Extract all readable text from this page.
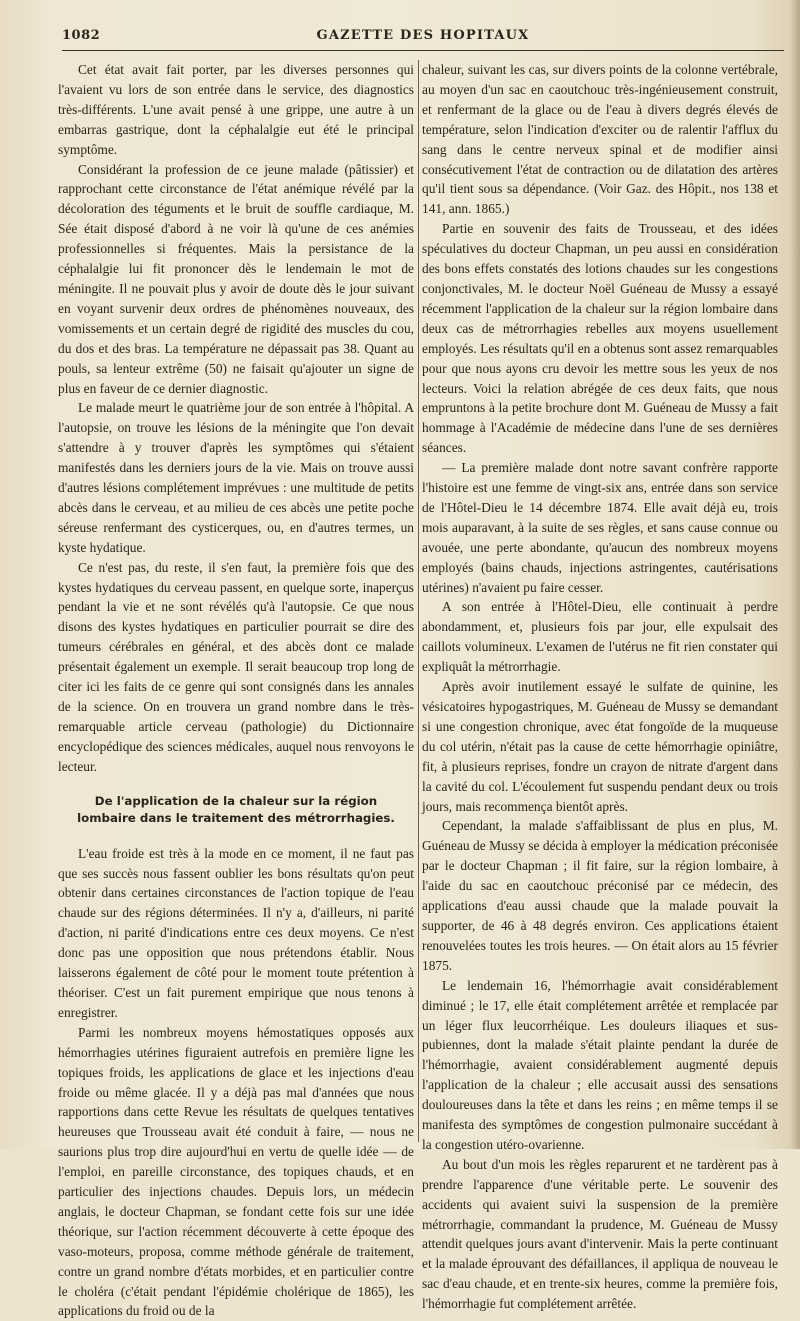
1082	GAZETTE DES HOPITAUX

Cet état avait fait porter, par les diverses personnes qui l'avaient vu lors de son entrée dans le service, des diagnostics très-différents. L'une avait pensé à une grippe, une autre à un embarras gastrique, dont la céphalalgie eut été le principal symptôme.

Considérant la profession de ce jeune malade (pâtissier) et rapprochant cette circonstance de l'état anémique révélé par la décoloration des téguments et le bruit de souffle cardiaque, M. Sée était disposé d'abord à ne voir là qu'une de ces anémies professionnelles si fréquentes. Mais la persistance de la céphalalgie lui fit prononcer dès le lendemain le mot de méningite. Il ne pouvait plus y avoir de doute dès le jour suivant en voyant survenir deux ordres de phénomènes nouveaux, des vomissements et un certain degré de rigidité des muscles du cou, du dos et des bras. La température ne dépassait pas 38. Quant au pouls, sa lenteur extrême (50) ne faisait qu'ajouter un signe de plus en faveur de ce dernier diagnostic.

Le malade meurt le quatrième jour de son entrée à l'hôpital. A l'autopsie, on trouve les lésions de la méningite que l'on devait s'attendre à y trouver d'après les symptômes qui s'étaient manifestés dans les derniers jours de la vie. Mais on trouve aussi d'autres lésions complétement imprévues : une multitude de petits abcès dans le cerveau, et au milieu de ces abcès une petite poche séreuse renfermant des cysticerques, ou, en d'autres termes, un kyste hydatique.

Ce n'est pas, du reste, il s'en faut, la première fois que des kystes hydatiques du cerveau passent, en quelque sorte, inaperçus pendant la vie et ne sont révélés qu'à l'autopsie. Ce que nous disons des kystes hydatiques en particulier pourrait se dire des tumeurs cérébrales en général, et des abcès dont ce malade présentait également un exemple. Il serait beaucoup trop long de citer ici les faits de ce genre qui sont consignés dans les annales de la science. On en trouvera un grand nombre dans le très-remarquable article cerveau (pathologie) du Dictionnaire encyclopédique des sciences médicales, auquel nous renvoyons le lecteur.

De l'application de la chaleur sur la région lombaire dans le traitement des métrorrhagies.

L'eau froide est très à la mode en ce moment, il ne faut pas que ses succès nous fassent oublier les bons résultats qu'on peut obtenir dans certaines circonstances de l'action topique de l'eau chaude sur des régions déterminées. Il n'y a, d'ailleurs, ni parité d'action, ni parité d'indications entre ces deux moyens. Ce n'est donc pas une opposition que nous prétendons établir. Nous laisserons également de côté pour le moment toute prétention à théoriser. C'est un fait purement empirique que nous tenons à enregistrer.

Parmi les nombreux moyens hémostatiques opposés aux hémorrhagies utérines figuraient autrefois en première ligne les topiques froids, les applications de glace et les injections d'eau froide ou même glacée. Il y a déjà pas mal d'années que nous rapportions dans cette Revue les résultats de quelques tentatives heureuses que Trousseau avait été conduit à faire, — nous ne saurions plus trop dire aujourd'hui en vertu de quelle idée — de l'emploi, en pareille circonstance, des topiques chauds, et en particulier des injections chaudes. Depuis lors, un médecin anglais, le docteur Chapman, se fondant cette fois sur une idée théorique, sur l'action récemment découverte à cette époque des vaso-moteurs, proposa, comme méthode générale de traitement, contre un grand nombre d'états morbides, et en particulier contre le choléra (c'était pendant l'épidémie cholérique de 1865), les applications du froid ou de la

chaleur, suivant les cas, sur divers points de la colonne vertébrale, au moyen d'un sac en caoutchouc très-ingénieusement construit, et renfermant de la glace ou de l'eau à divers degrés élevés de température, selon l'indication d'exciter ou de ralentir l'afflux du sang dans le centre nerveux spinal et de modifier ainsi consécutivement l'état de contraction ou de dilatation des artères qu'il tient sous sa dépendance. (Voir Gaz. des Hôpit., nos 138 et 141, ann. 1865.)

Partie en souvenir des faits de Trousseau, et des idées spéculatives du docteur Chapman, un peu aussi en considération des bons effets constatés des lotions chaudes sur les congestions conjonctivales, M. le docteur Noël Guéneau de Mussy a essayé récemment l'application de la chaleur sur la région lombaire dans deux cas de métrorrhagies rebelles aux moyens usuellement employés. Les résultats qu'il en a obtenus sont assez remarquables pour que nous ayons cru devoir les mettre sous les yeux de nos lecteurs. Voici la relation abrégée de ces deux faits, que nous empruntons à la petite brochure dont M. Guéneau de Mussy a fait hommage à l'Académie de médecine dans l'une de ses dernières séances.

— La première malade dont notre savant confrère rapporte l'histoire est une femme de vingt-six ans, entrée dans son service de l'Hôtel-Dieu le 14 décembre 1874. Elle avait déjà eu, trois mois auparavant, à la suite de ses règles, et sans cause connue ou avouée, une perte abondante, qu'aucun des nombreux moyens employés (bains chauds, injections astringentes, cautérisations utérines) n'avaient pu faire cesser.

A son entrée à l'Hôtel-Dieu, elle continuait à perdre abondamment, et, plusieurs fois par jour, elle expulsait des caillots volumineux. L'examen de l'utérus ne fit rien constater qui expliquât la métrorrhagie.

Après avoir inutilement essayé le sulfate de quinine, les vésicatoires hypogastriques, M. Guéneau de Mussy se demandant si une congestion chronique, avec état fongoïde de la muqueuse du col utérin, n'était pas la cause de cette hémorrhagie opiniâtre, fit, à plusieurs reprises, fondre un crayon de nitrate d'argent dans la cavité du col. L'écoulement fut suspendu pendant deux ou trois jours, mais recommença bientôt après.

Cependant, la malade s'affaiblissant de plus en plus, M. Guéneau de Mussy se décida à employer la médication préconisée par le docteur Chapman ; il fit faire, sur la région lombaire, à l'aide du sac en caoutchouc préconisé par ce médecin, des applications d'eau aussi chaude que la malade pouvait la supporter, de 46 à 48 degrés environ. Ces applications étaient renouvelées toutes les trois heures. — On était alors au 15 février 1875.

Le lendemain 16, l'hémorrhagie avait considérablement diminué ; le 17, elle était complétement arrêtée et remplacée par un léger flux leucorrhéique. Les douleurs iliaques et sus-pubiennes, dont la malade s'était plainte pendant la durée de l'hémorrhagie, avaient considérablement augmenté depuis l'application de la chaleur ; elle accusait aussi des sensations douloureuses dans la tête et dans les reins ; en même temps il se manifesta des symptômes de congestion pulmonaire succédant à la congestion utéro-ovarienne.

Au bout d'un mois les règles reparurent et ne tardèrent pas à prendre l'apparence d'une véritable perte. Le souvenir des accidents qui avaient suivi la suspension de la première métrorrhagie, commandant la prudence, M. Guéneau de Mussy attendit quelques jours avant d'intervenir. Mais la perte continuant et la malade éprouvant des défaillances, il appliqua de nouveau le sac d'eau chaude, et en trente-six heures, comme la première fois, l'hémorrhagie fut complétement arrêtée.
